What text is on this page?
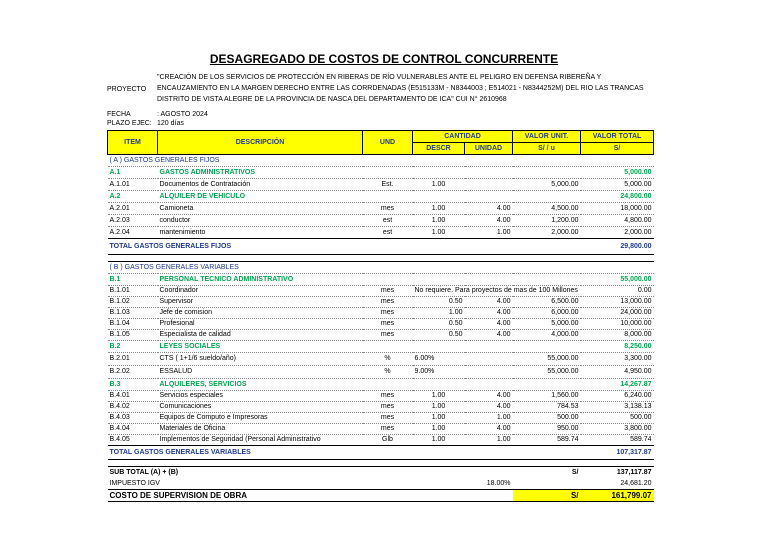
DESAGREGADO DE COSTOS DE CONTROL CONCURRENTE
PROYECTO
"CREACIÓN DE LOS SERVICIOS DE PROTECCIÓN EN RIBERAS DE RÍO VULNERABLES ANTE EL PELIGRO EN DEFENSA RIBEREÑA Y ENCAUZAMIENTO EN LA MARGEN DERECHO ENTRE LAS CORRDENADAS (E515133M - N8344003 ; E514021 - N8344252M) DEL RIO LAS TRANCAS DISTRITO DE VISTA ALEGRE DE LA PROVINCIA DE NASCA DEL DEPARTAMENTO DE ICA" CUI N° 2610968
FECHA	: AGOSTO 2024
PLAZO EJEC: 120 días
ITEM	DESCRIPCIÓN	UND	CANTIDAD		VALOR UNIT.	VALOR TOTAL
			DESCR	UNIDAD	S/ / u	S/
( A ) GASTOS GENERALES FIJOS						
A.1	GASTOS ADMINISTRATIVOS					5,000.00
A.1.01	Documentos de Contratación	Est.	1.00		5,000.00	5,000.00
A.2	ALQUILER DE VEHICULO					24,800.00
A.2.01	Camioneta	mes	1.00	4.00	4,500.00	18,000.00
A.2.03	conductor	est	1.00	4.00	1,200.00	4,800.00
A.2.04	mantenimiento	est	1.00	1.00	2,000.00	2,000.00
TOTAL GASTOS GENERALES FIJOS						29,800.00

( B ) GASTOS GENERALES VARIABLES						
B.1	PERSONAL TECNICO ADMINISTRATIVO					55,000.00
B.1.01	Coordinador	mes	No requiere. Para proyectos de mas de 100 Millones			0.00
B.1.02	Supervisor	mes	0.50	4.00	6,500.00	13,000.00
B.1.03	Jefe de comision	mes	1.00	4.00	6,000.00	24,000.00
B.1.04	Profesional	mes	0.50	4.00	5,000.00	10,000.00
B.1.05	Especialista de calidad	mes	0.50	4.00	4,000.00	8,000.00
B.2	LEYES SOCIALES					8,250.00
B.2.01	CTS ( 1+1/6 sueldo/año)	%	6.00%		55,000.00	3,300.00
B.2.02	ESSALUD	%	9.00%		55,000.00	4,950.00
B.3	ALQUILERES, SERVICIOS					14,267.87
B.4.01	Servicios especiales	mes	1.00	4.00	1,560.00	6,240.00
B.4.02	Comunicaciones	mes	1.00	4.00	784.53	3,138.13
B.4.03	Equipos de Computo e Impresoras	mes	1.00	1.00	500.00	500.00
B.4.04	Materiales de Oficina	mes	1.00	4.00	950.00	3,800.00
B.4.05	Implementos de Seguridad (Personal Administrativo	Glb	1.00	1.00	589.74	589.74
TOTAL GASTOS GENERALES VARIABLES						107,317.87

SUB TOTAL (A) + (B)					S/	137,117.87
IMPUESTO IGV				18.00%		24,681.20
COSTO DE SUPERVISION DE OBRA					S/	161,799.07
